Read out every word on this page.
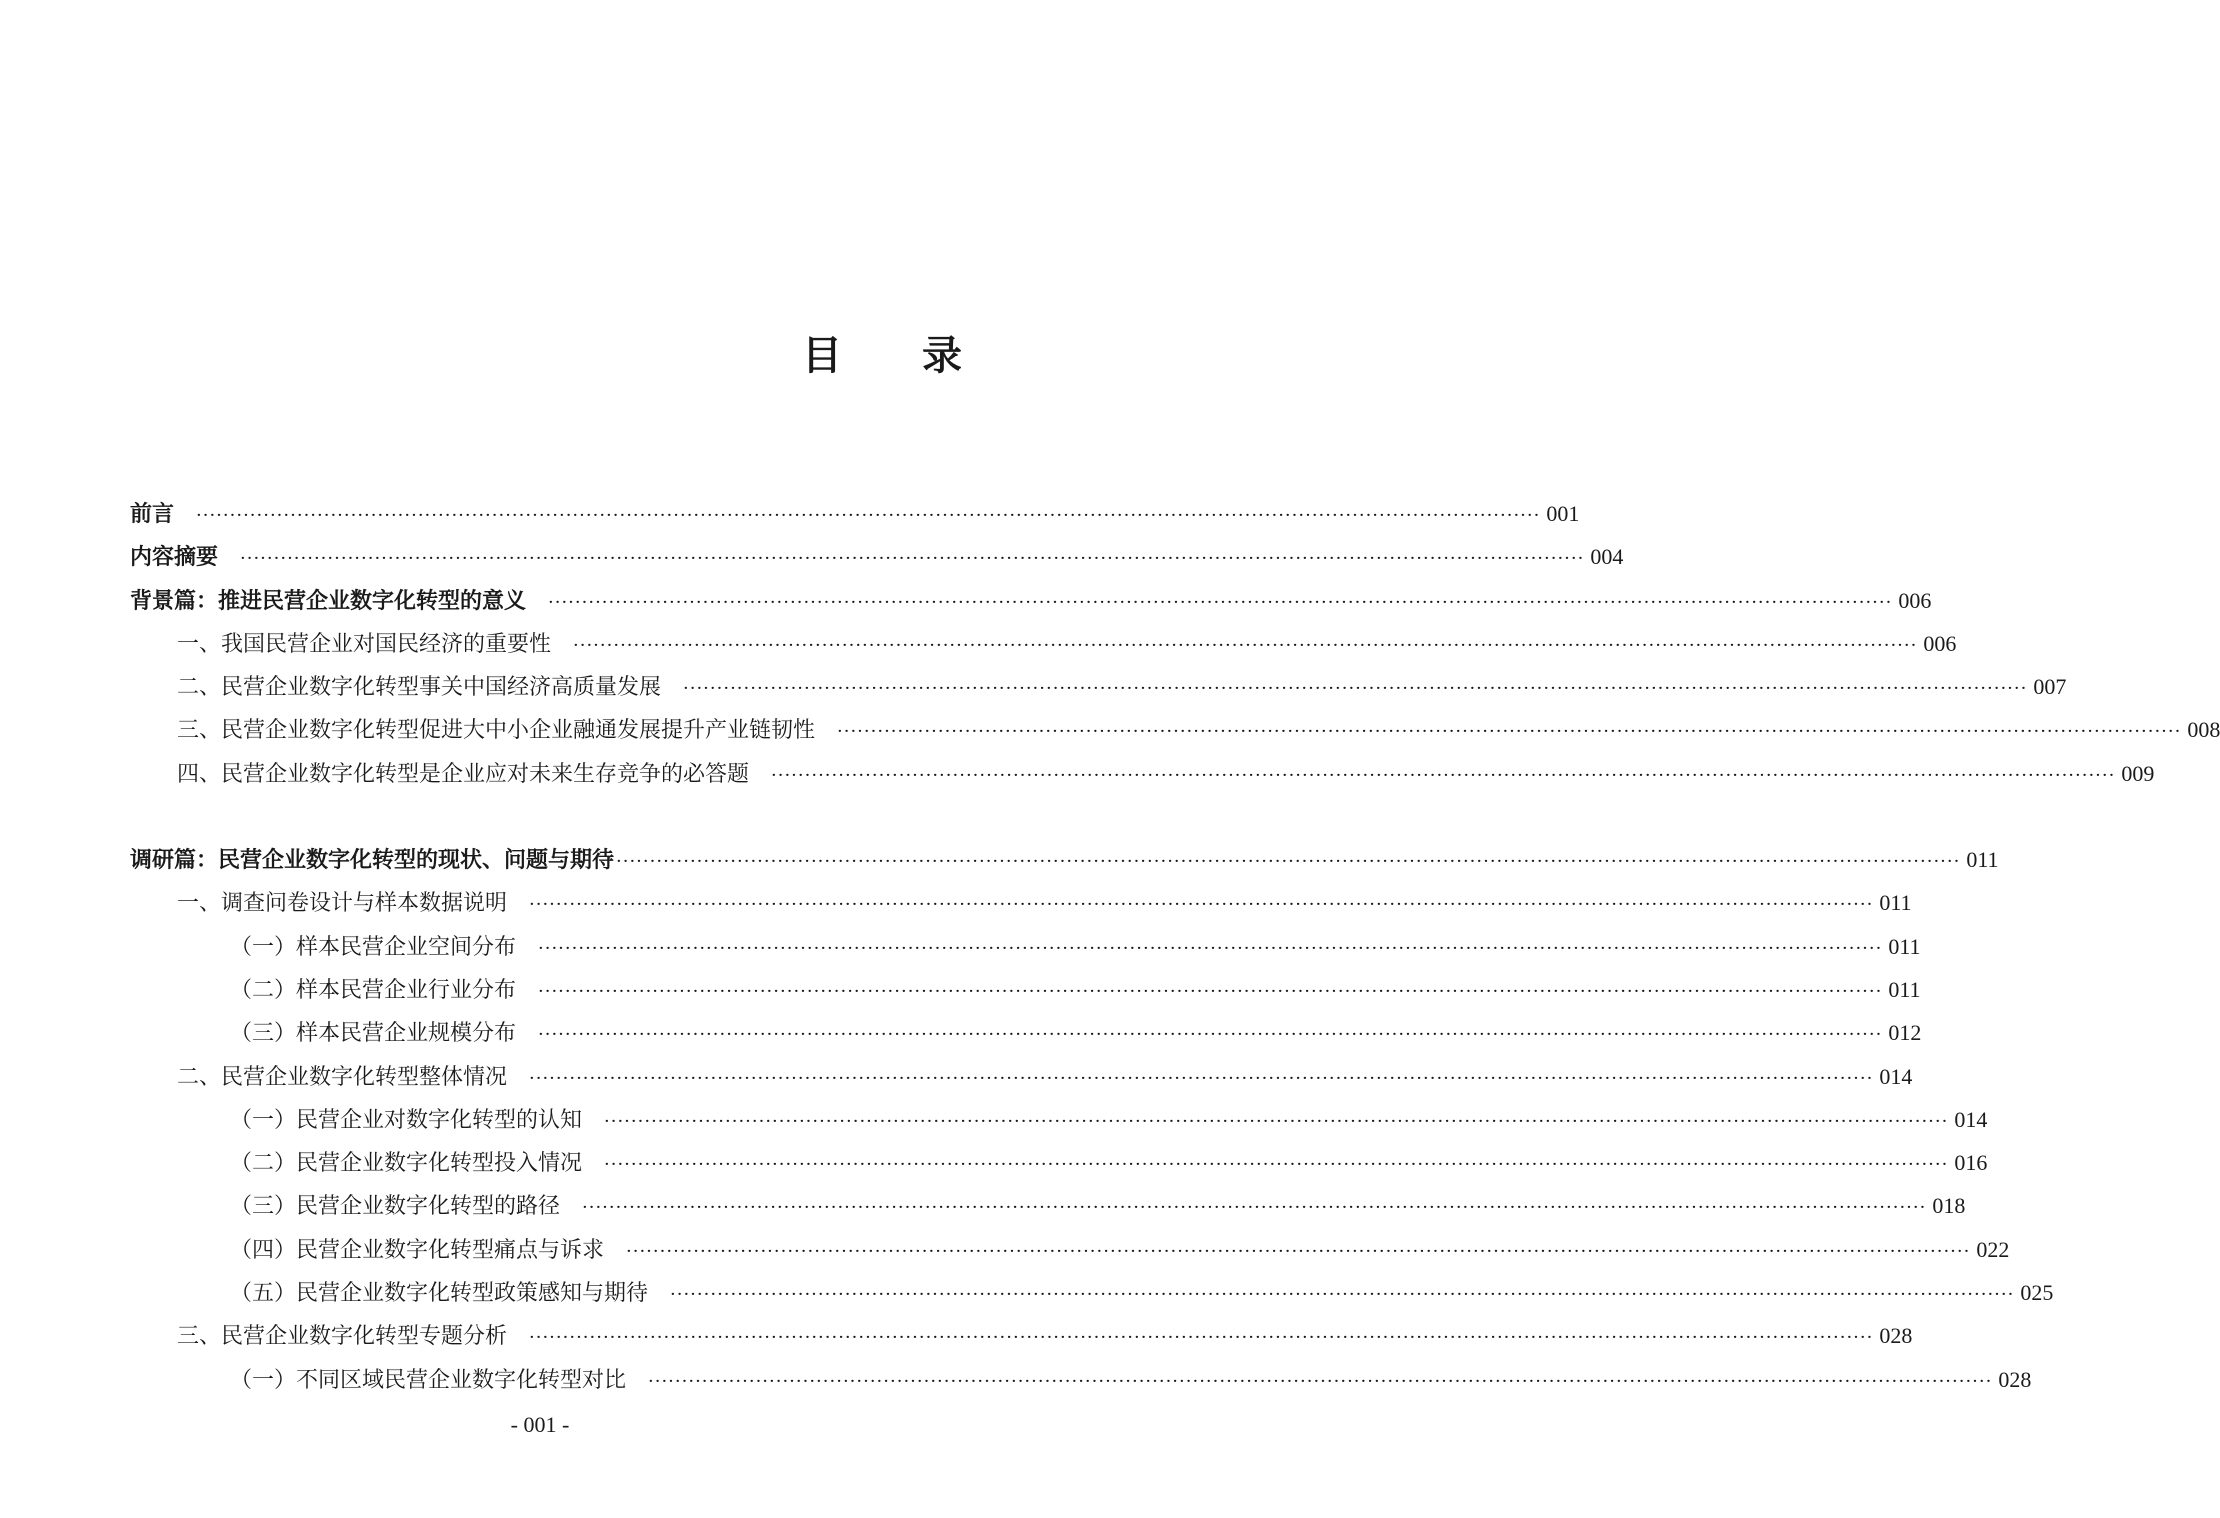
目　　录
前言 ········································································································································································································ 001
内容摘要 ········································································································································································································ 004
背景篇：推进民营企业数字化转型的意义 ········································································································································································································ 006
一、我国民营企业对国民经济的重要性 ········································································································································································································ 006
二、民营企业数字化转型事关中国经济高质量发展 ········································································································································································································ 007
三、民营企业数字化转型促进大中小企业融通发展提升产业链韧性 ········································································································································································································ 008
四、民营企业数字化转型是企业应对未来生存竞争的必答题 ········································································································································································································ 009
调研篇：民营企业数字化转型的现状、问题与期待 ········································································································································································································ 011
一、调查问卷设计与样本数据说明 ········································································································································································································ 011
（一）样本民营企业空间分布 ········································································································································································································ 011
（二）样本民营企业行业分布 ········································································································································································································ 011
（三）样本民营企业规模分布 ········································································································································································································ 012
二、民营企业数字化转型整体情况 ········································································································································································································ 014
（一）民营企业对数字化转型的认知 ········································································································································································································ 014
（二）民营企业数字化转型投入情况 ········································································································································································································ 016
（三）民营企业数字化转型的路径 ········································································································································································································ 018
（四）民营企业数字化转型痛点与诉求 ········································································································································································································ 022
（五）民营企业数字化转型政策感知与期待 ········································································································································································································ 025
三、民营企业数字化转型专题分析 ········································································································································································································ 028
（一）不同区域民营企业数字化转型对比 ········································································································································································································ 028
- 001 -
